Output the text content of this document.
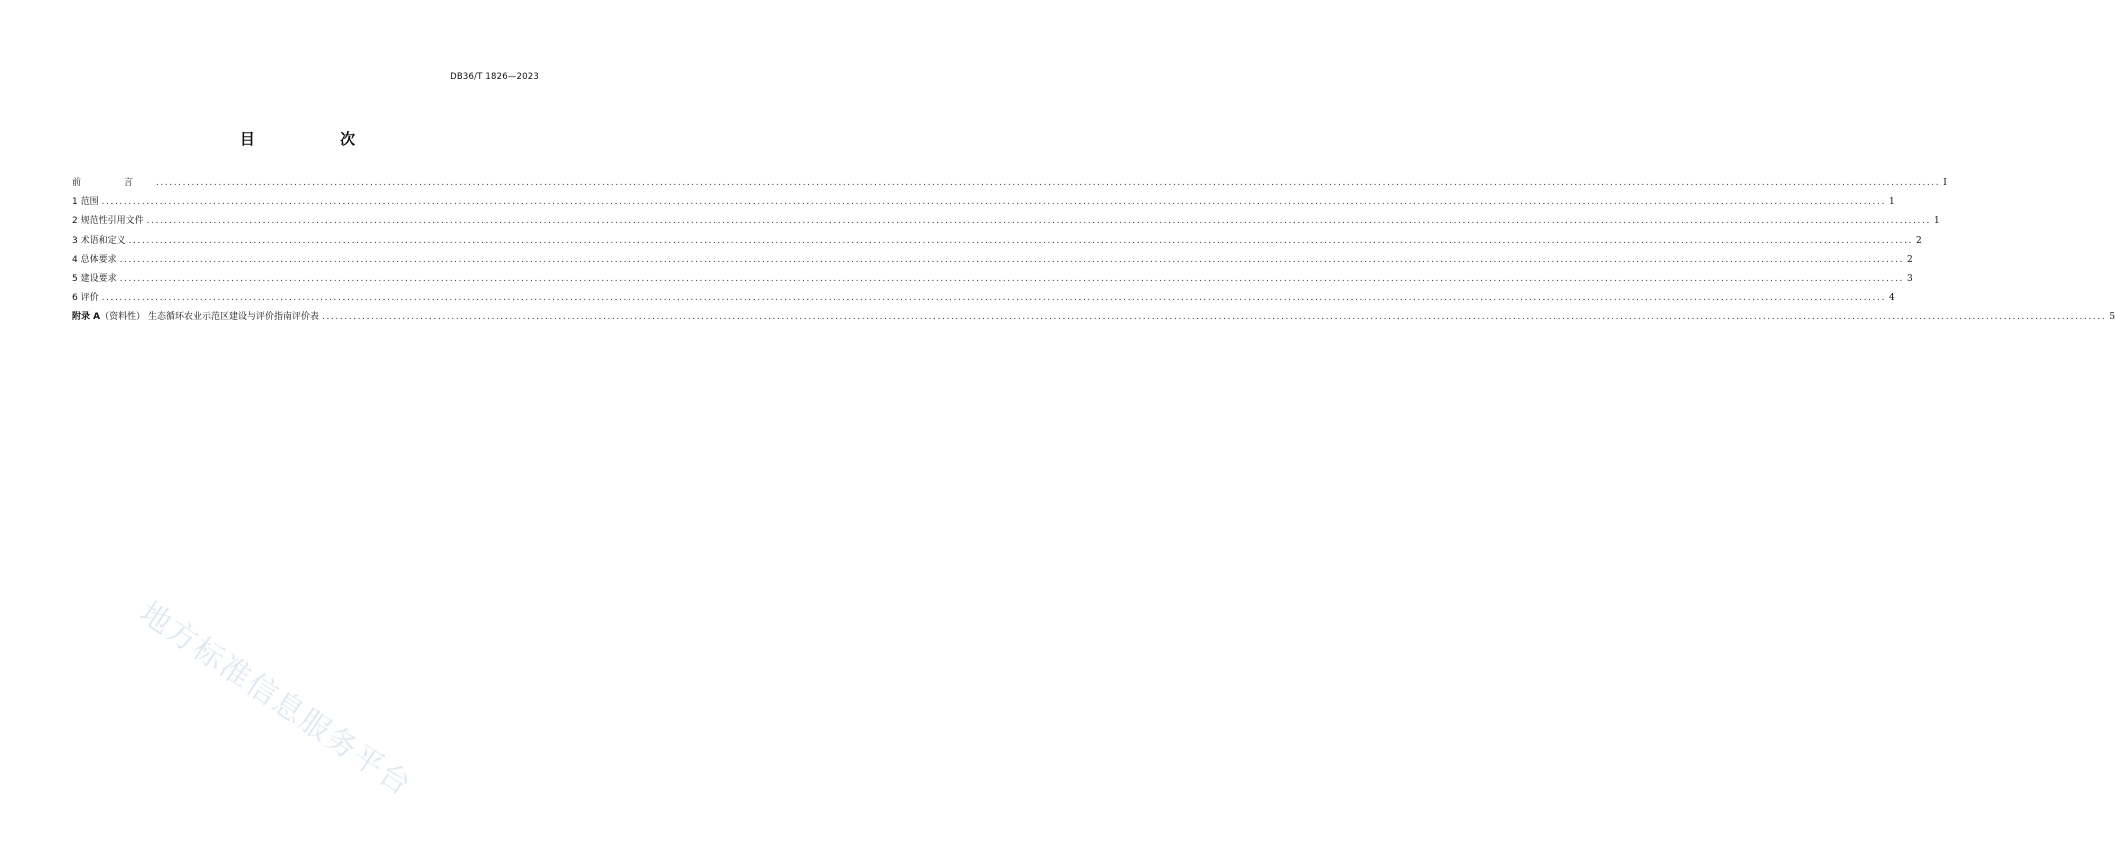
DB36/T 1826—2023
目 次
前 言 ................................................................................................................................................................................................................................................................................................................................................................................................................ I
1 范围 ................................................................................................................................................................................................................................................................................................................................................................................................................ 1
2 规范性引用文件 ................................................................................................................................................................................................................................................................................................................................................................................................................ 1
3 术语和定义 ................................................................................................................................................................................................................................................................................................................................................................................................................ 2
4 总体要求 ................................................................................................................................................................................................................................................................................................................................................................................................................ 2
5 建设要求 ................................................................................................................................................................................................................................................................................................................................................................................................................ 3
6 评价 ................................................................................................................................................................................................................................................................................................................................................................................................................ 4
附录 A（资料性） 生态循环农业示范区建设与评价指南评价表 ................................................................................................................................................................................................................................................................................................................................................................................................................ 5
地方标准信息服务平台
